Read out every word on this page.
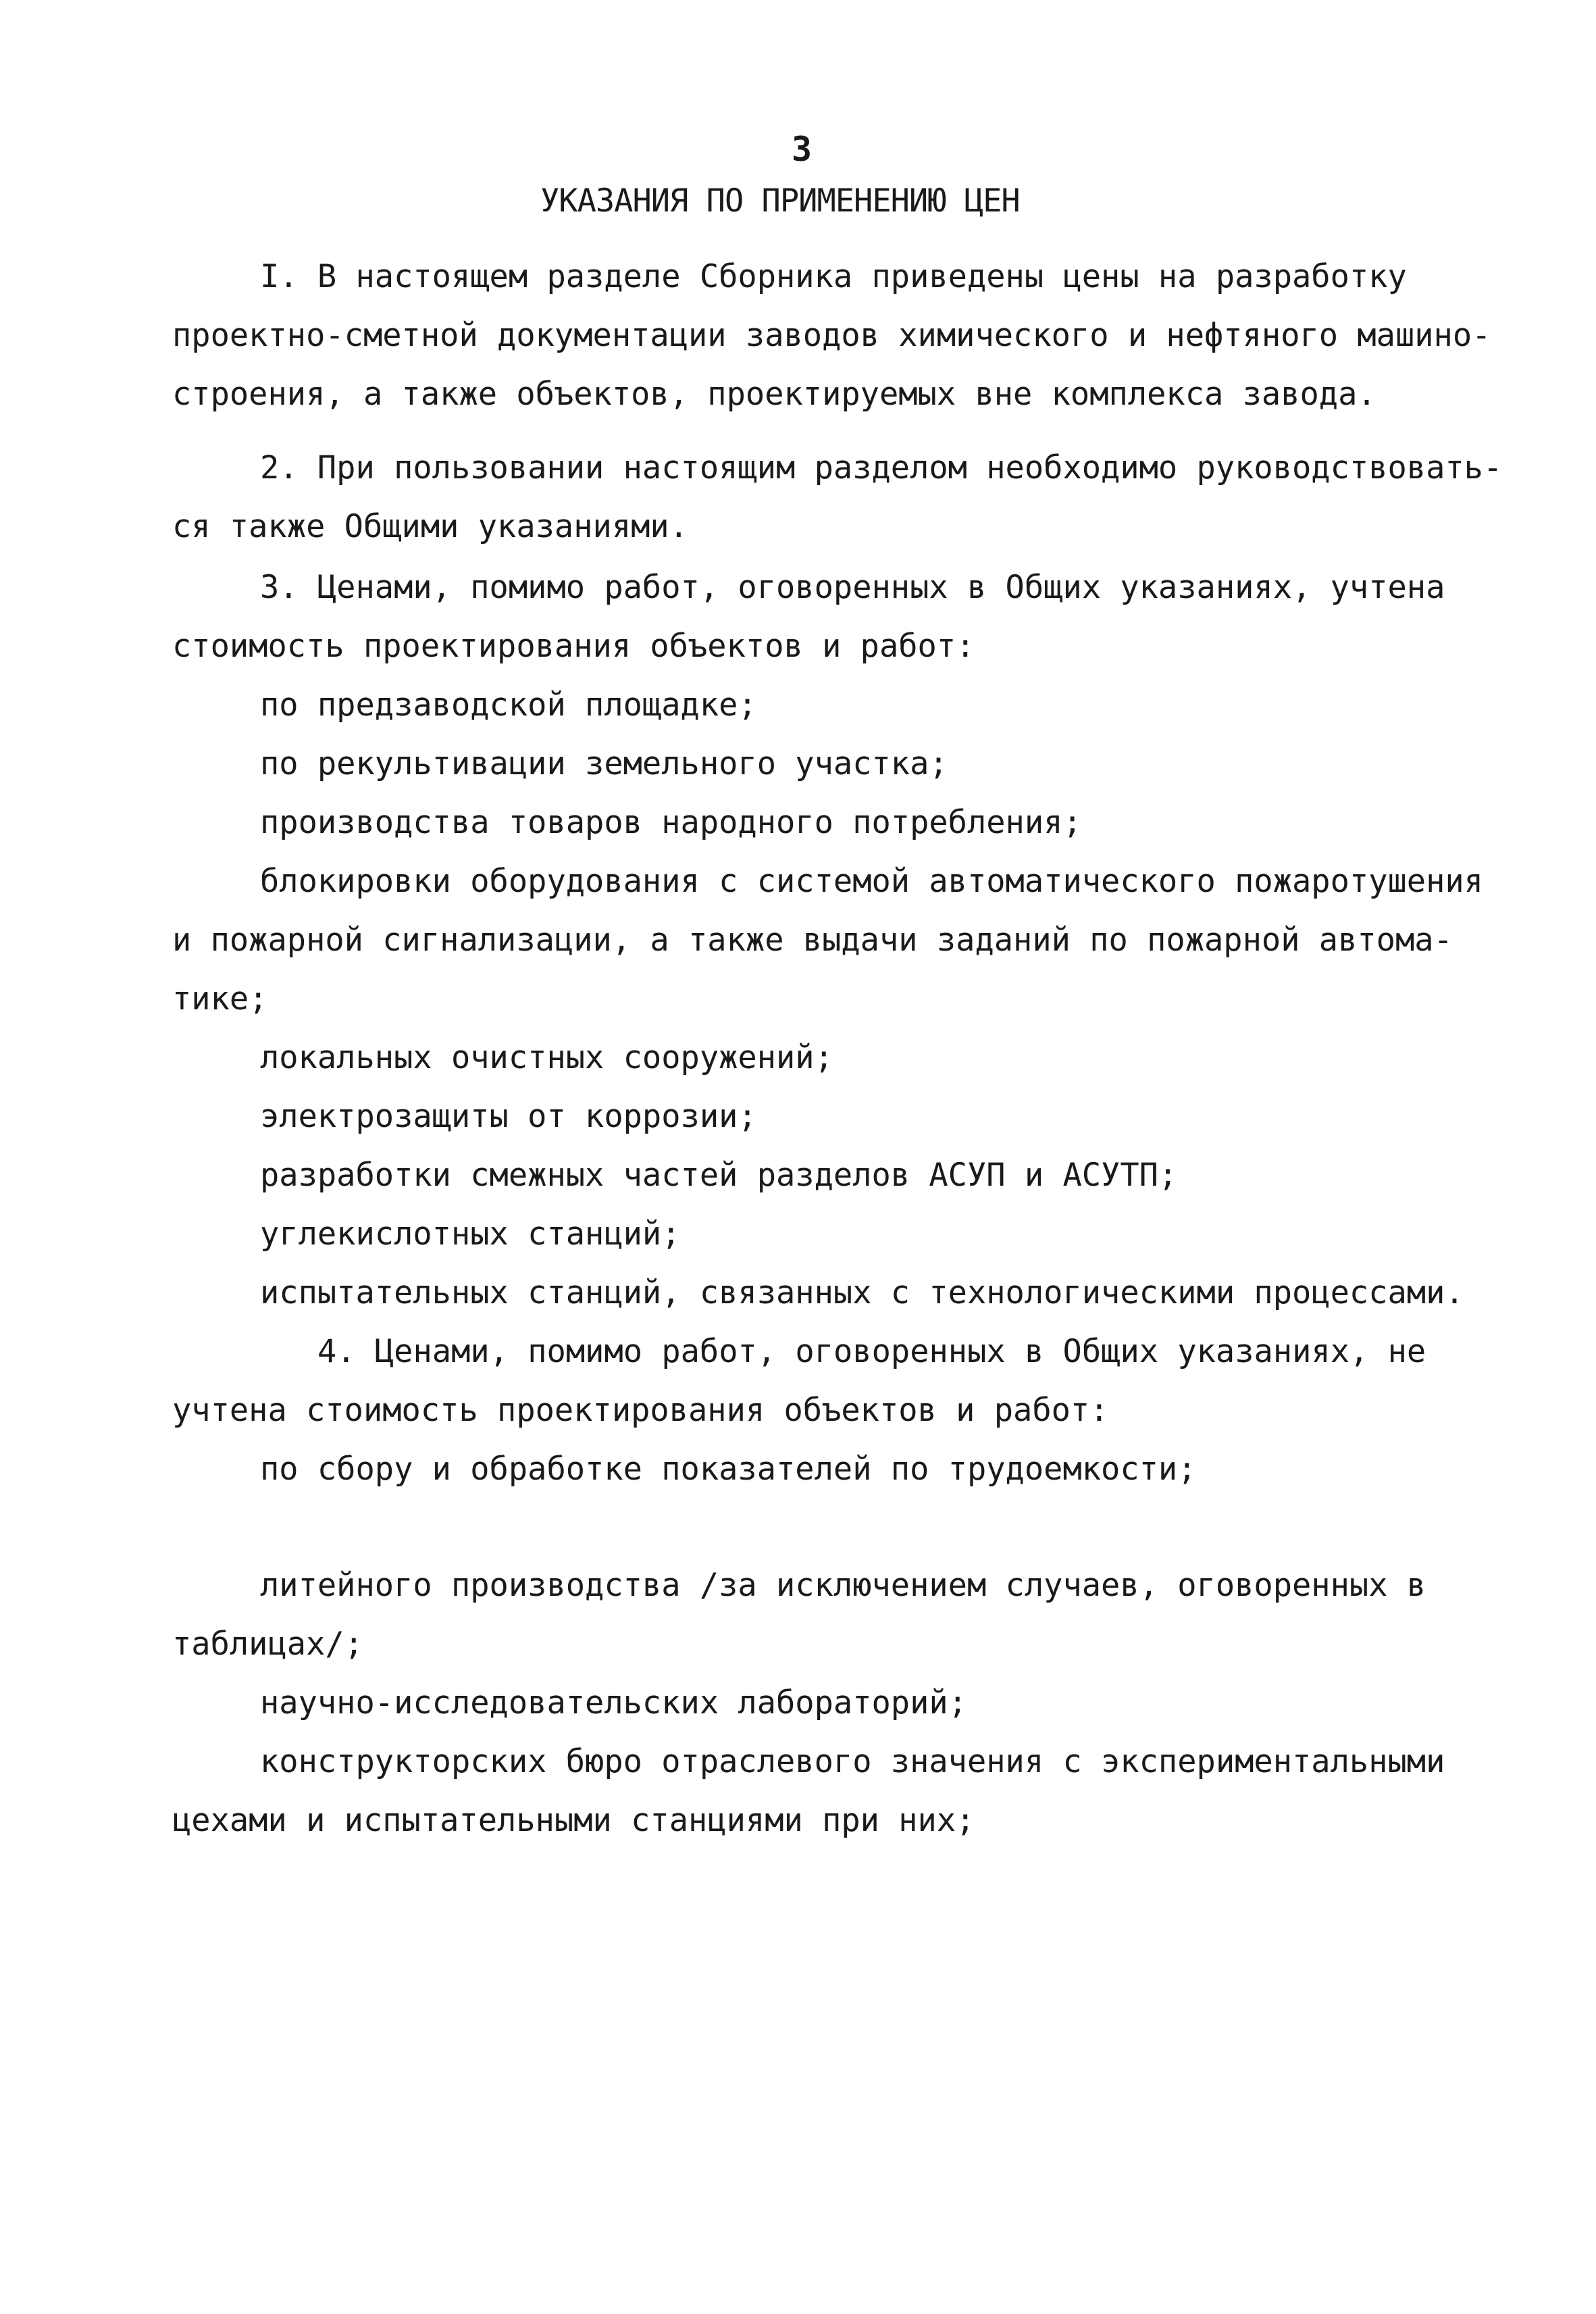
3
УКАЗАНИЯ ПО ПРИМЕНЕНИЮ ЦЕН
I. В настоящем разделе Сборника приведены цены на разработку
проектно-сметной документации заводов химического и нефтяного машино-
строения, а также объектов, проектируемых вне комплекса завода.
2. При пользовании настоящим разделом необходимо руководствовать-
ся также Общими указаниями.
3. Ценами, помимо работ, оговоренных в Общих указаниях, учтена
стоимость проектирования объектов и работ:
по предзаводской площадке;
по рекультивации земельного участка;
производства товаров народного потребления;
блокировки оборудования с системой автоматического пожаротушения
и пожарной сигнализации, а также выдачи заданий по пожарной автома-
тике;
локальных очистных сооружений;
электрозащиты от коррозии;
разработки смежных частей разделов АСУП и АСУТП;
углекислотных станций;
испытательных станций, связанных с технологическими процессами.
4. Ценами, помимо работ, оговоренных в Общих указаниях, не
учтена стоимость проектирования объектов и работ:
по сбору и обработке показателей по трудоемкости;
литейного производства /за исключением случаев, оговоренных в
таблицах/;
научно-исследовательских лабораторий;
конструкторских бюро отраслевого значения с экспериментальными
цехами и испытательными станциями при них;
